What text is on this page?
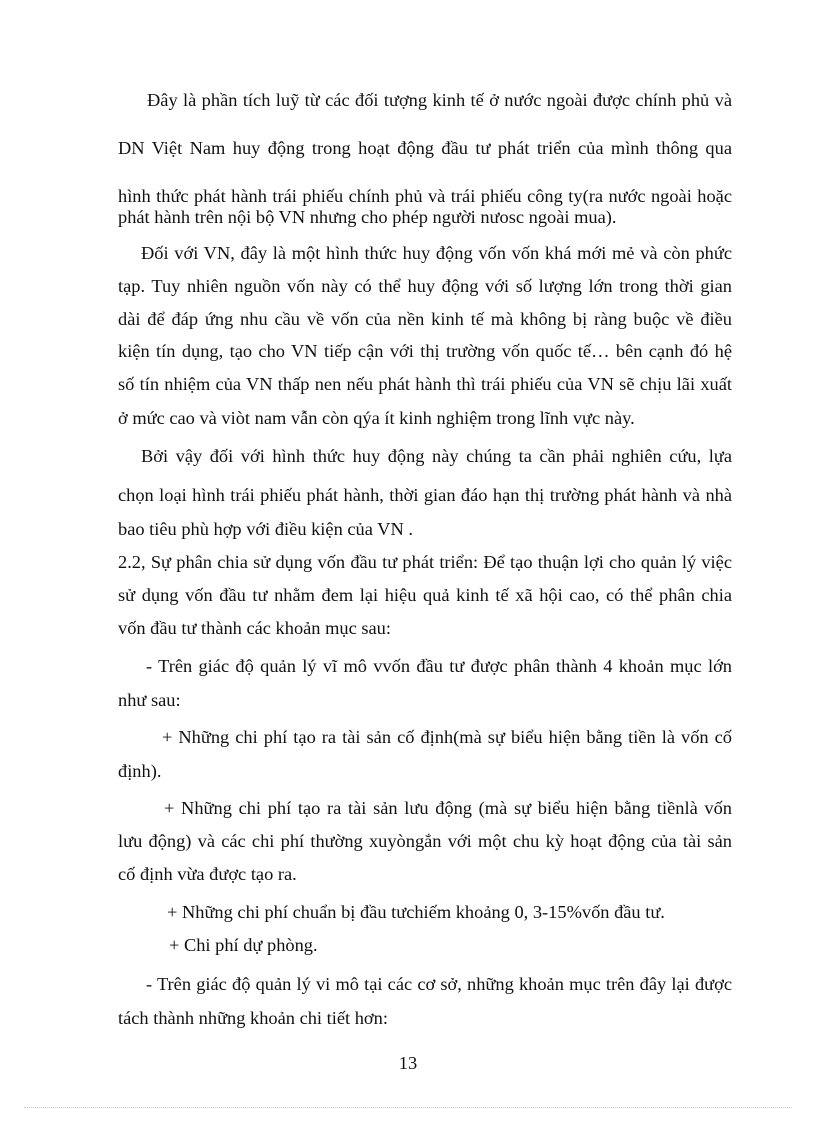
Đây là phần tích luỹ từ các đối tượng kinh tế ở nước ngoài được chính phủ và

DN Việt Nam huy động trong hoạt động đầu tư phát triển của mình thông qua

hình thức phát hành trái phiếu chính phủ và trái phiếu công ty(ra nước ngoài hoặc

phát hành trên nội bộ VN nhưng cho phép người nưosc ngoài mua).

Đối với VN, đây là một hình thức huy động vốn vốn khá mới mẻ và còn phức

tạp. Tuy nhiên nguồn vốn này có thể huy động với số lượng lớn trong thời gian

dài để đáp ứng nhu cầu về vốn của nền kinh tế mà không bị ràng buộc về điều

kiện tín dụng, tạo cho VN tiếp cận với thị trường vốn quốc tế… bên cạnh đó hệ

số tín nhiệm của VN thấp nen nếu phát hành thì trái phiếu của VN sẽ chịu lãi xuất

ở mức cao và viòt nam vẫn còn qýa ít kinh nghiệm trong lĩnh vực này.

Bởi vậy đối với hình thức huy động này chúng ta cần phải nghiên cứu, lựa

chọn loại hình trái phiếu phát hành, thời gian đáo hạn thị trường phát hành và nhà

bao tiêu phù hợp với điều kiện của VN .

2.2, Sự phân chia sử dụng vốn đầu tư phát triển: Để tạo thuận lợi cho quản lý việc

sử dụng vốn đầu tư nhằm đem lại hiệu quả kinh tế xã hội cao, có thể phân chia

vốn đầu tư thành các khoản mục sau:

- Trên giác độ quản lý vĩ mô vvốn đầu tư được phân thành 4 khoản mục lớn

như sau:

+ Những chi phí tạo ra tài sản cố định(mà sự biểu hiện bằng tiền là vốn cố

định).

+ Những chi phí tạo ra tài sản lưu động (mà sự biểu hiện bằng tiềnlà vốn

lưu động) và các chi phí thường xuyòngắn với một chu kỳ hoạt động của tài sản

cố định vừa được tạo ra.

+ Những chi phí chuẩn bị đầu tưchiếm khoảng 0, 3-15%vốn đầu tư.

+ Chi phí dự phòng.

- Trên giác độ quản lý vi mô tại các cơ sở, những khoản mục trên đây lại được

tách thành những khoản chi tiết hơn:

13
